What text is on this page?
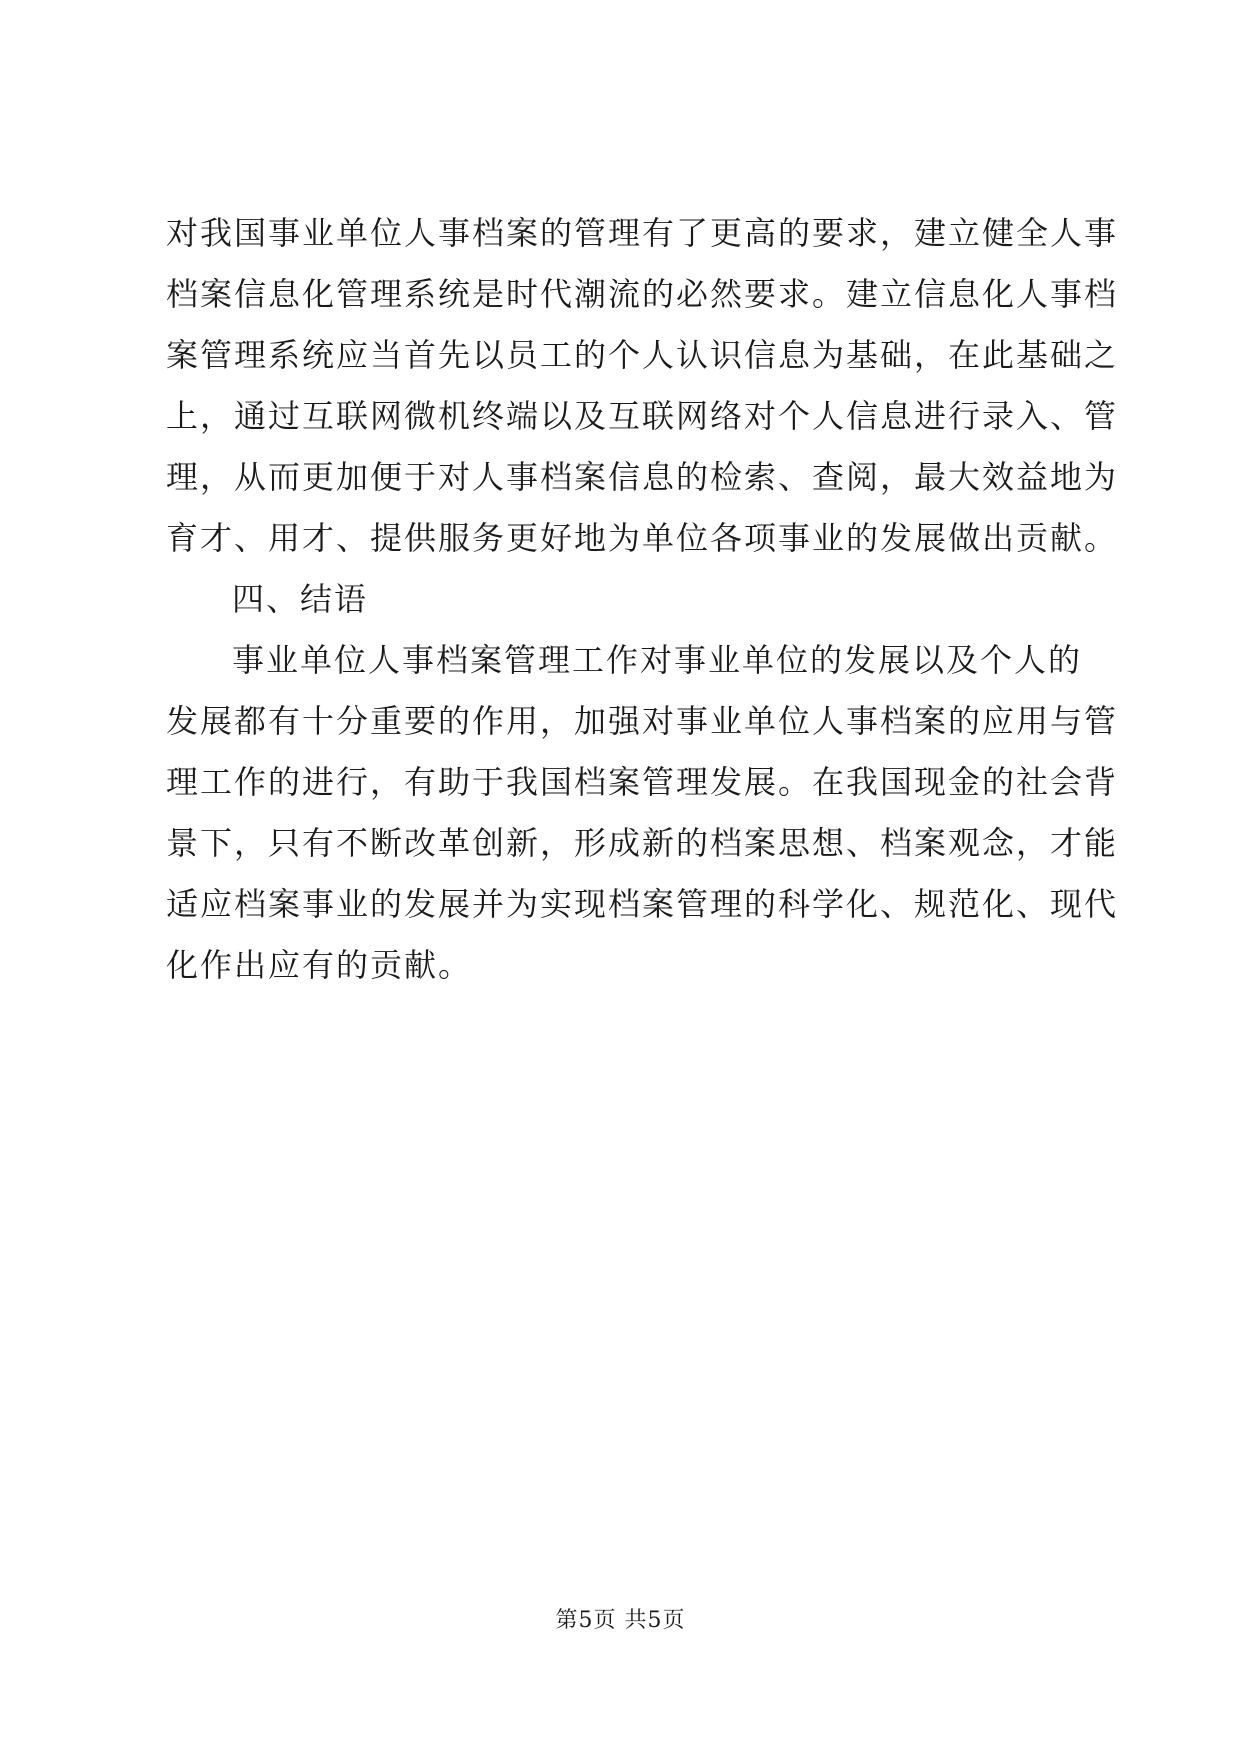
对我国事业单位人事档案的管理有了更高的要求，建立健全人事
档案信息化管理系统是时代潮流的必然要求。建立信息化人事档
案管理系统应当首先以员工的个人认识信息为基础，在此基础之
上，通过互联网微机终端以及互联网络对个人信息进行录入、管
理，从而更加便于对人事档案信息的检索、查阅，最大效益地为
育才、用才、提供服务更好地为单位各项事业的发展做出贡献。
四、结语
事业单位人事档案管理工作对事业单位的发展以及个人的
发展都有十分重要的作用，加强对事业单位人事档案的应用与管
理工作的进行，有助于我国档案管理发展。在我国现金的社会背
景下，只有不断改革创新，形成新的档案思想、档案观念，才能
适应档案事业的发展并为实现档案管理的科学化、规范化、现代
化作出应有的贡献。
第5页 共5页
